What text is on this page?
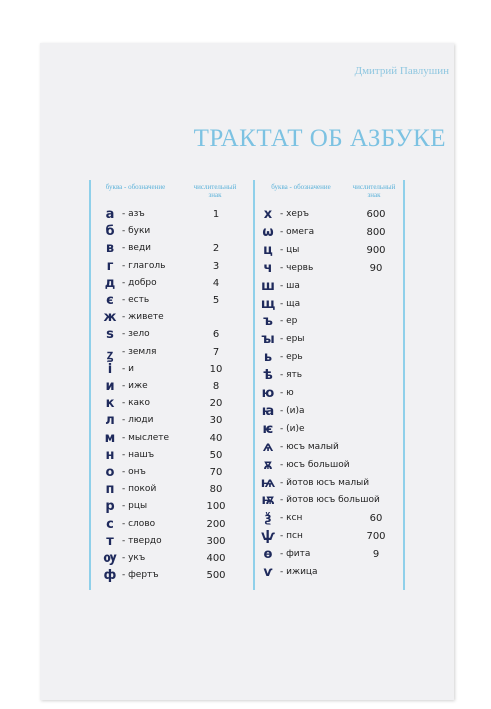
Дмитрий Павлушин
ТРАКТАТ ОБ АЗБУКЕ
буква - обозначение	числительный знак
буква - обозначение	числительный знак
а - азъ	1
б - буки
в - веди	2
г - глаголь	3
д - добро	4
є - есть	5
ж - живете
ѕ - зело	6
ꙁ - земля	7
і	- и	10
и - иже	8
к - како	20
л - люди	30
м - мыслете	40
н - нашъ	50
о - онъ	70
п - покой	80
р - рцы	100
с - слово	200
т - твердо	300
ѹ - укъ	400
ф - фертъ	500
х - херъ	600
ѡ - омега	800
ц - цы	900
ч - червь	90
ш - ша
щ - ща
ъ - ер
ꙑ - еры
ь - ерь
ѣ - ять
ю - ю
ꙗ - (и)а
ѥ - (и)е
ѧ - юсъ малый
ѫ - юсъ большой
ѩ - йотов юсъ малый
ѭ - йотов юсъ большой
ѯ - ксн	60
ѱ - псн	700
ѳ - фита	9
ѵ - ижица
